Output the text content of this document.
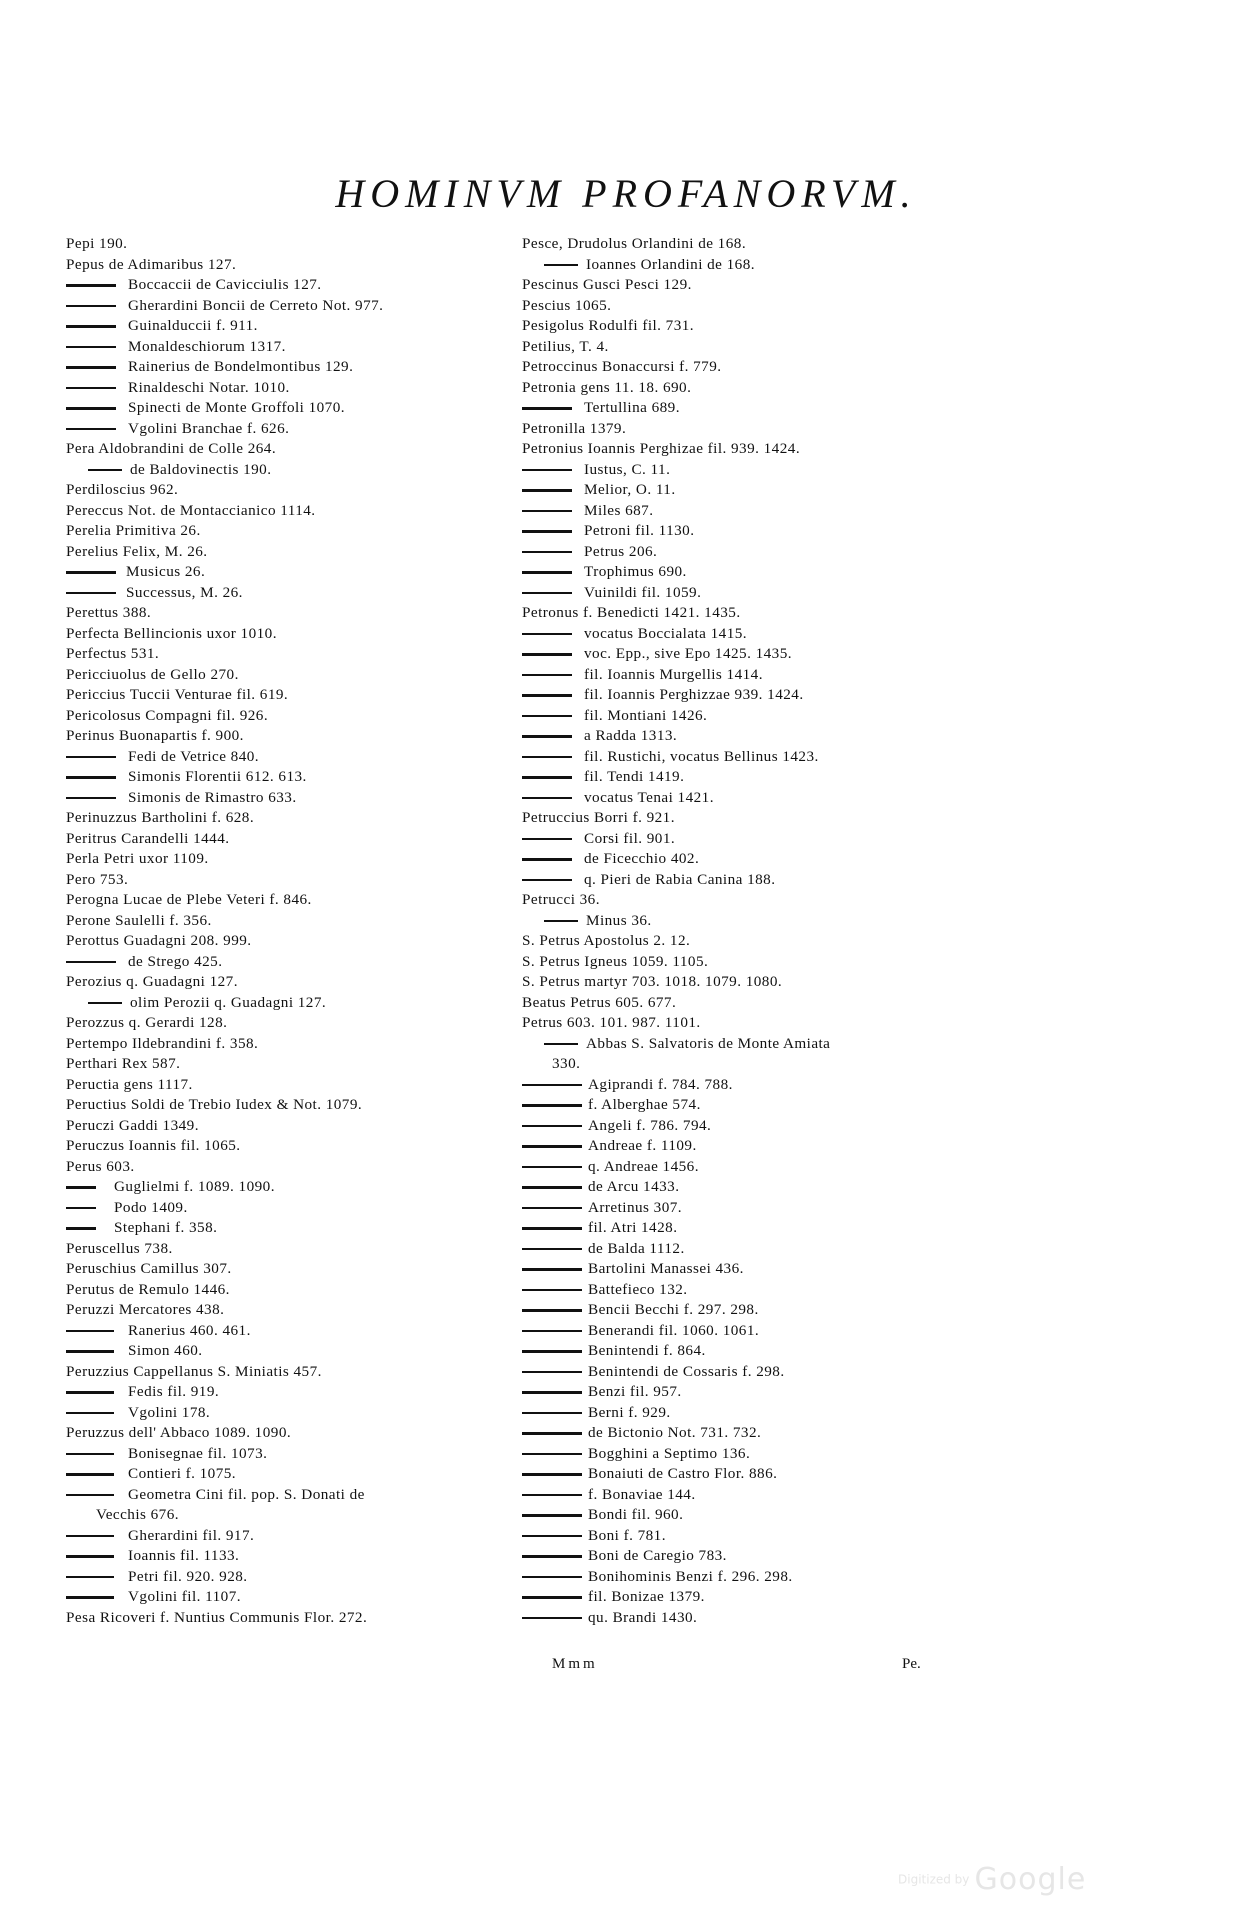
HOMINVM PROFANORVM.
Pepi 190.
Pepus de Adimaribus 127.
Boccaccii de Cavicciulis 127.
Gherardini Boncii de Cerreto Not. 977.
Guinalduccii f. 911.
Monaldeschiorum 1317.
Rainerius de Bondelmontibus 129.
Rinaldeschi Notar. 1010.
Spinecti de Monte Groffoli 1070.
Vgolini Branchae f. 626.
Pera Aldobrandini de Colle 264.
de Baldovinectis 190.
Perdiloscius 962.
Pereccus Not. de Montaccianico 1114.
Perelia Primitiva 26.
Perelius Felix, M. 26.
Musicus 26.
Successus, M. 26.
Perettus 388.
Perfecta Bellincionis uxor 1010.
Perfectus 531.
Pericciuolus de Gello 270.
Periccius Tuccii Venturae fil. 619.
Pericolosus Compagni fil. 926.
Perinus Buonapartis f. 900.
Fedi de Vetrice 840.
Simonis Florentii 612. 613.
Simonis de Rimastro 633.
Perinuzzus Bartholini f. 628.
Peritrus Carandelli 1444.
Perla Petri uxor 1109.
Pero 753.
Perogna Lucae de Plebe Veteri f. 846.
Perone Saulelli f. 356.
Perottus Guadagni 208. 999.
de Strego 425.
Perozius q. Guadagni 127.
olim Perozii q. Guadagni 127.
Perozzus q. Gerardi 128.
Pertempo Ildebrandini f. 358.
Perthari Rex 587.
Peructia gens 1117.
Peructius Soldi de Trebio Iudex & Not. 1079.
Peruczi Gaddi 1349.
Peruczus Ioannis fil. 1065.
Perus 603.
Guglielmi f. 1089. 1090.
Podo 1409.
Stephani f. 358.
Peruscellus 738.
Peruschius Camillus 307.
Perutus de Remulo 1446.
Peruzzi Mercatores 438.
Ranerius 460. 461.
Simon 460.
Peruzzius Cappellanus S. Miniatis 457.
Fedis fil. 919.
Vgolini 178.
Peruzzus dell' Abbaco 1089. 1090.
Bonisegnae fil. 1073.
Contieri f. 1075.
Geometra Cini fil. pop. S. Donati de
Vecchis 676.
Gherardini fil. 917.
Ioannis fil. 1133.
Petri fil. 920. 928.
Vgolini fil. 1107.
Pesa Ricoveri f. Nuntius Communis Flor. 272.
Pesce, Drudolus Orlandini de 168.
Ioannes Orlandini de 168.
Pescinus Gusci Pesci 129.
Pescius 1065.
Pesigolus Rodulfi fil. 731.
Petilius, T. 4.
Petroccinus Bonaccursi f. 779.
Petronia gens 11. 18. 690.
Tertullina 689.
Petronilla 1379.
Petronius Ioannis Perghizae fil. 939. 1424.
Iustus, C. 11.
Melior, O. 11.
Miles 687.
Petroni fil. 1130.
Petrus 206.
Trophimus 690.
Vuinildi fil. 1059.
Petronus f. Benedicti 1421. 1435.
vocatus Boccialata 1415.
voc. Epp., sive Epo 1425. 1435.
fil. Ioannis Murgellis 1414.
fil. Ioannis Perghizzae 939. 1424.
fil. Montiani 1426.
a Radda 1313.
fil. Rustichi, vocatus Bellinus 1423.
fil. Tendi 1419.
vocatus Tenai 1421.
Petruccius Borri f. 921.
Corsi fil. 901.
de Ficecchio 402.
q. Pieri de Rabia Canina 188.
Petrucci 36.
Minus 36.
S. Petrus Apostolus 2. 12.
S. Petrus Igneus 1059. 1105.
S. Petrus martyr 703. 1018. 1079. 1080.
Beatus Petrus 605. 677.
Petrus 603. 101. 987. 1101.
Abbas S. Salvatoris de Monte Amiata
330.
Agiprandi f. 784. 788.
f. Alberghae 574.
Angeli f. 786. 794.
Andreae f. 1109.
q. Andreae 1456.
de Arcu 1433.
Arretinus 307.
fil. Atri 1428.
de Balda 1112.
Bartolini Manassei 436.
Battefieco 132.
Bencii Becchi f. 297. 298.
Benerandi fil. 1060. 1061.
Benintendi f. 864.
Benintendi de Cossaris f. 298.
Benzi fil. 957.
Berni f. 929.
de Bictonio Not. 731. 732.
Bogghini a Septimo 136.
Bonaiuti de Castro Flor. 886.
f. Bonaviae 144.
Bondi fil. 960.
Boni f. 781.
Boni de Caregio 783.
Bonihominis Benzi f. 296. 298.
fil. Bonizae 1379.
qu. Brandi 1430.
Mmm	Pe.
Digitized by Google
